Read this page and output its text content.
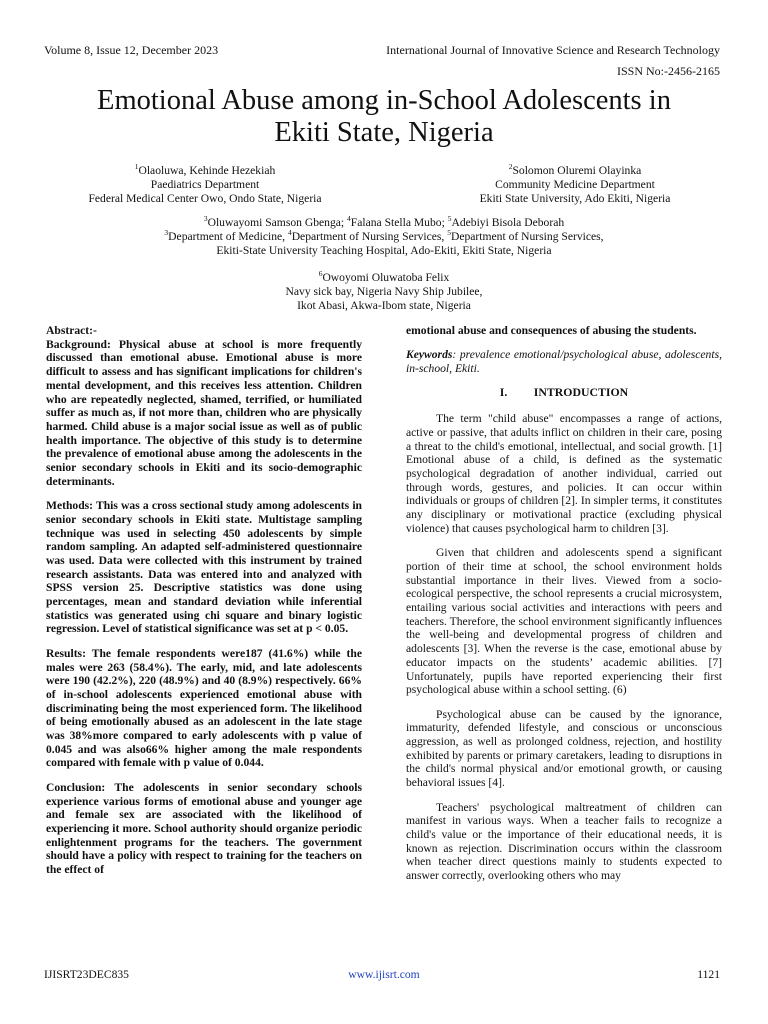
Volume 8, Issue 12, December 2023	International Journal of Innovative Science and Research Technology
ISSN No:-2456-2165
Emotional Abuse among in-School Adolescents in
Ekiti State, Nigeria
$^1$Olaoluwa, Kehinde Hezekiah
Paediatrics Department
Federal Medical Center Owo, Ondo State, Nigeria
$^2$Solomon Oluremi Olayinka
Community Medicine Department
Ekiti State University, Ado Ekiti, Nigeria
$^3$Oluwayomi Samson Gbenga; $^4$Falana Stella Mubo; $^5$Adebiyi Bisola Deborah
$^3$Department of Medicine, $^4$Department of Nursing Services, $^5$Department of Nursing Services,
Ekiti-State University Teaching Hospital, Ado-Ekiti, Ekiti State, Nigeria
$^6$Owoyomi Oluwatoba Felix
Navy sick bay, Nigeria Navy Ship Jubilee,
Ikot Abasi, Akwa-Ibom state, Nigeria

Abstract:-

Background: Physical abuse at school is more frequently discussed than emotional abuse. Emotional abuse is more difficult to assess and has significant implications for children's mental development, and this receives less attention. Children who are repeatedly neglected, shamed, terrified, or humiliated suffer as much as, if not more than, children who are physically harmed. Child abuse is a major social issue as well as of public health importance. The objective of this study is to determine the prevalence of emotional abuse among the adolescents in the senior secondary schools in Ekiti and its socio-demographic determinants.

Methods: This was a cross sectional study among adolescents in senior secondary schools in Ekiti state. Multistage sampling technique was used in selecting 450 adolescents by simple random sampling. An adapted self-administered questionnaire was used. Data were collected with this instrument by trained research assistants. Data was entered into and analyzed with SPSS version 25. Descriptive statistics was done using percentages, mean and standard deviation while inferential statistics was generated using chi square and binary logistic regression. Level of statistical significance was set at p < 0.05.

Results: The female respondents were187 (41.6%) while the males were 263 (58.4%). The early, mid, and late adolescents were 190 (42.2%), 220 (48.9%) and 40 (8.9%) respectively. 66% of in-school adolescents experienced emotional abuse with discriminating being the most experienced form. The likelihood of being emotionally abused as an adolescent in the late stage was 38%more compared to early adolescents with p value of 0.045 and was also66% higher among the male respondents compared with female with p value of 0.044.

Conclusion: The adolescents in senior secondary schools experience various forms of emotional abuse and younger age and female sex are associated with the likelihood of experiencing it more. School authority should organize periodic enlightenment programs for the teachers. The government should have a policy with respect to training for the teachers on the effect of

emotional abuse and consequences of abusing the students.

Keywords: prevalence emotional/psychological abuse, adolescents, in-school, Ekiti.

I. INTRODUCTION

The term "child abuse" encompasses a range of actions, active or passive, that adults inflict on children in their care, posing a threat to the child's emotional, intellectual, and social growth. [1] Emotional abuse of a child, is defined as the systematic psychological degradation of another individual, carried out through words, gestures, and policies. It can occur within individuals or groups of children [2]. In simpler terms, it constitutes any disciplinary or motivational practice (excluding physical violence) that causes psychological harm to children [3].

Given that children and adolescents spend a significant portion of their time at school, the school environment holds substantial importance in their lives. Viewed from a socio-ecological perspective, the school represents a crucial microsystem, entailing various social activities and interactions with peers and teachers. Therefore, the school environment significantly influences the well-being and developmental progress of children and adolescents [3]. When the reverse is the case, emotional abuse by educator impacts on the students’ academic abilities. [7] Unfortunately, pupils have reported experiencing their first psychological abuse within a school setting. (6)

Psychological abuse can be caused by the ignorance, immaturity, defended lifestyle, and conscious or unconscious aggression, as well as prolonged coldness, rejection, and hostility exhibited by parents or primary caretakers, leading to disruptions in the child's normal physical and/or emotional growth, or causing behavioral issues [4].

Teachers' psychological maltreatment of children can manifest in various ways. When a teacher fails to recognize a child's value or the importance of their educational needs, it is known as rejection. Discrimination occurs within the classroom when teacher direct questions mainly to students expected to answer correctly, overlooking others who may

IJISRT23DEC835	www.ijisrt.com	1121
